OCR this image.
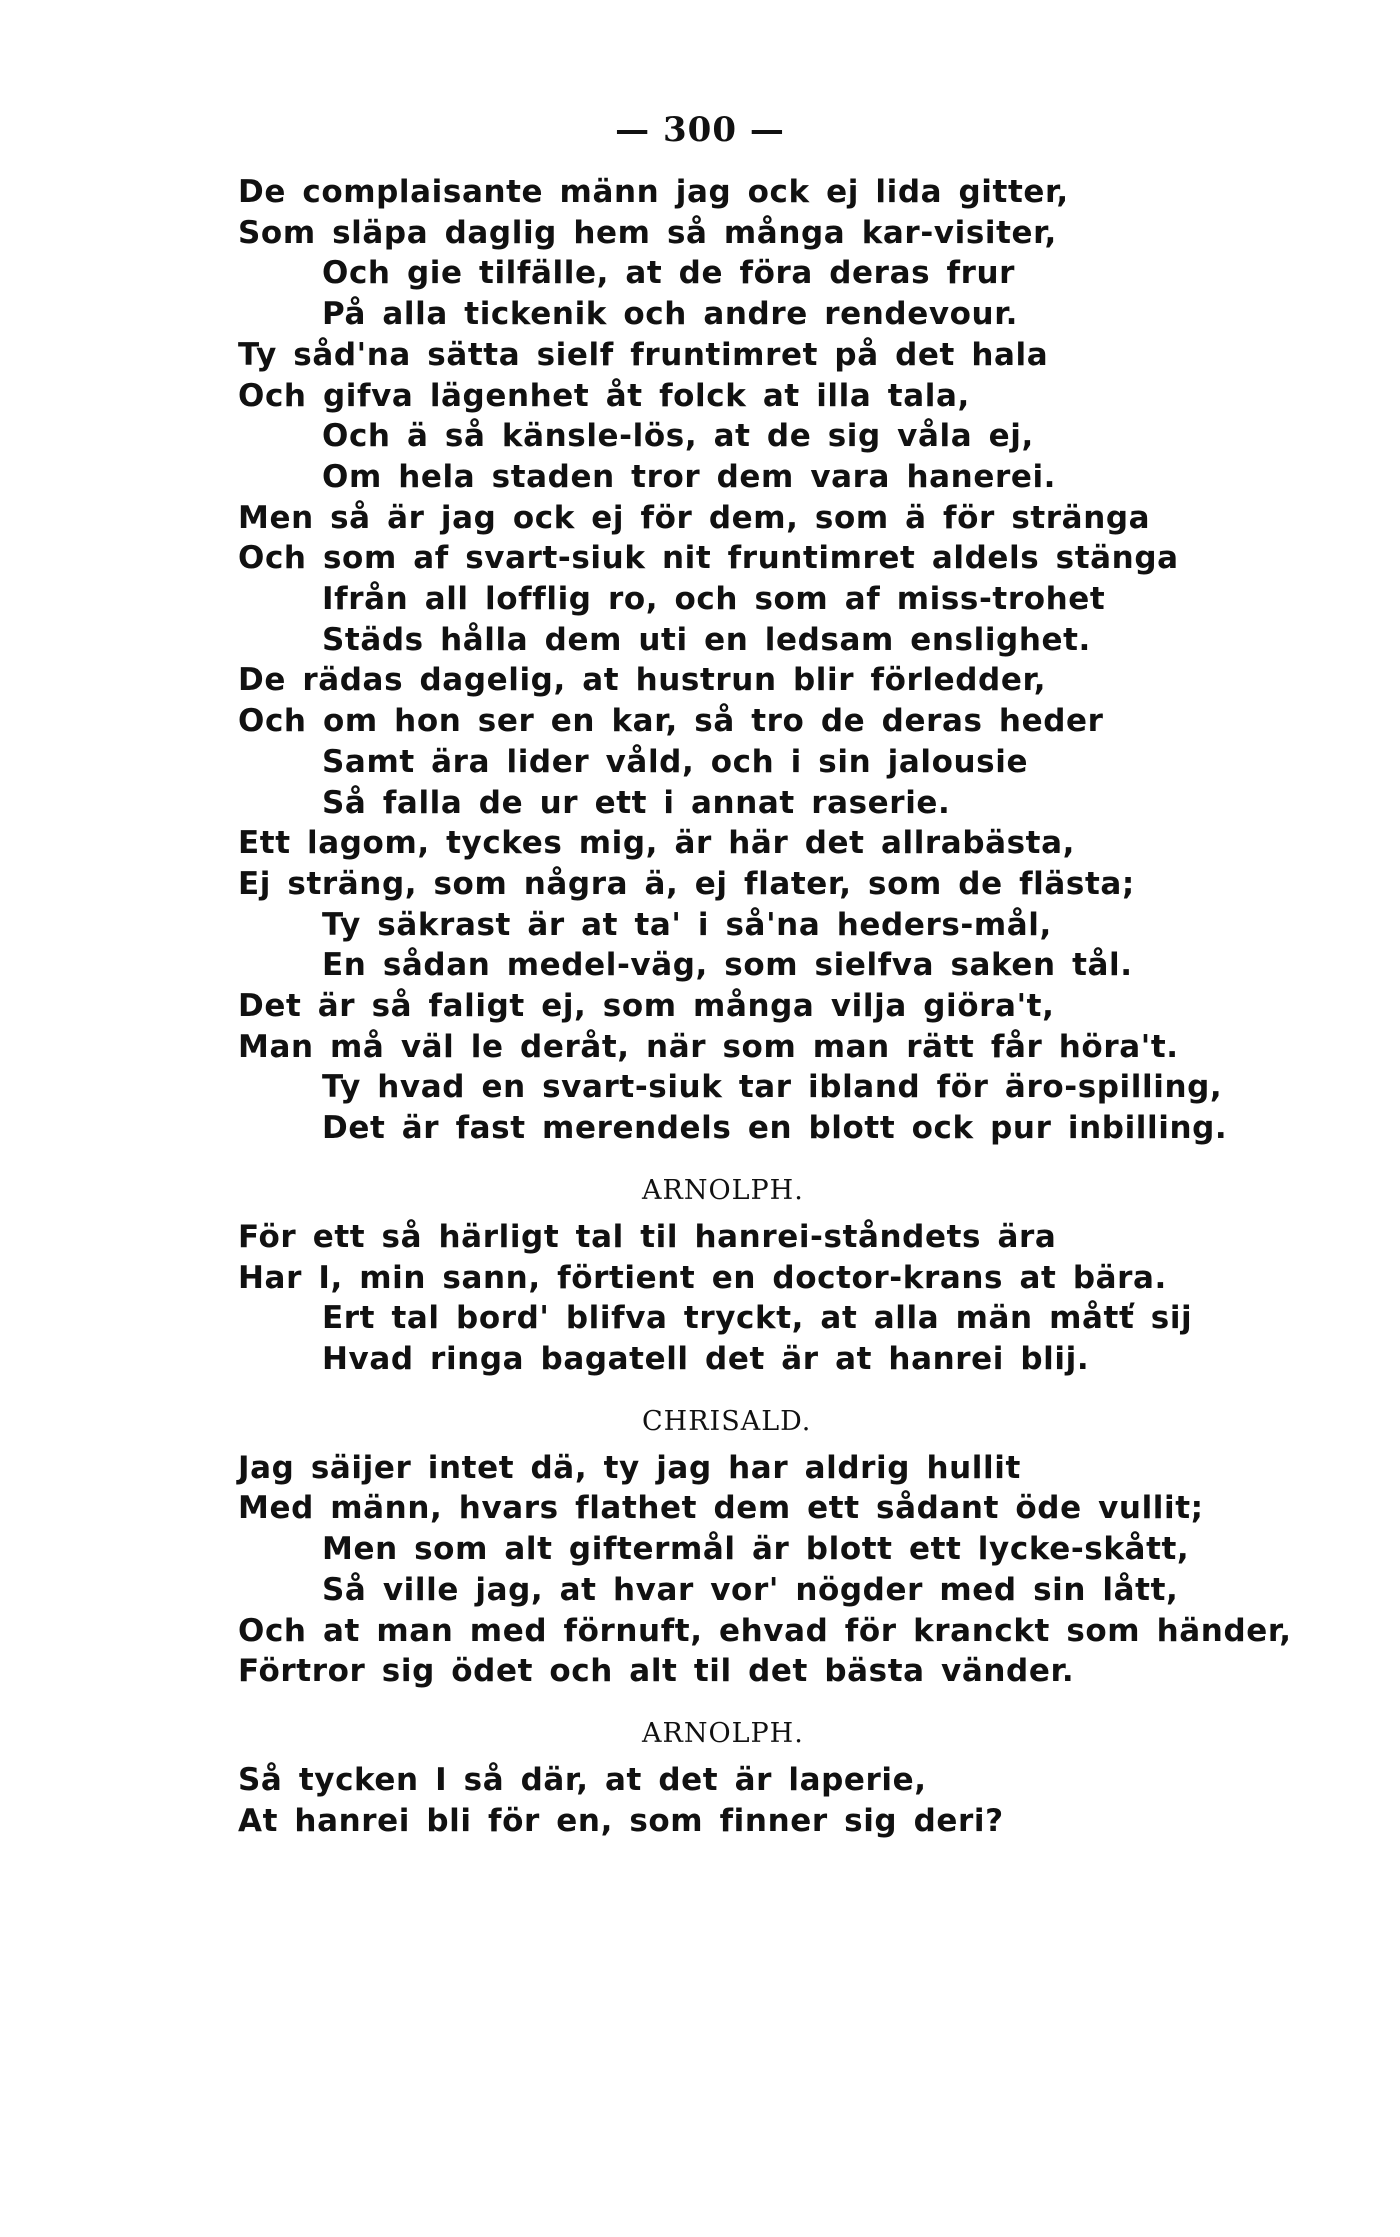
— 300 —
De complaisante männ jag ock ej lida gitter,
Som släpa daglig hem så många kar-visiter,
Och gie tilfälle, at de föra deras frur
På alla tickenik och andre rendevour.
Ty såd'na sätta sielf fruntimret på det hala
Och gifva lägenhet åt folck at illa tala,
Och ä så känsle-lös, at de sig våla ej,
Om hela staden tror dem vara hanerei.
Men så är jag ock ej för dem, som ä för stränga
Och som af svart-siuk nit fruntimret aldels stänga
Ifrån all lofflig ro, och som af miss-trohet
Städs hålla dem uti en ledsam enslighet.
De rädas dagelig, at hustrun blir förledder,
Och om hon ser en kar, så tro de deras heder
Samt ära lider våld, och i sin jalousie
Så falla de ur ett i annat raserie.
Ett lagom, tyckes mig, är här det allrabästa,
Ej sträng, som några ä, ej flater, som de flästa;
Ty säkrast är at ta' i så'na heders-mål,
En sådan medel-väg, som sielfva saken tål.
Det är så faligt ej, som många vilja giöra't,
Man må väl le deråt, när som man rätt får höra't.
Ty hvad en svart-siuk tar ibland för äro-spilling,
Det är fast merendels en blott ock pur inbilling.
ARNOLPH.
För ett så härligt tal til hanrei-ståndets ära
Har I, min sann, förtient en doctor-krans at bära.
Ert tal bord' blifva tryckt, at alla män måtť sij
Hvad ringa bagatell det är at hanrei blij.
CHRISALD.
Jag säijer intet dä, ty jag har aldrig hullit
Med männ, hvars flathet dem ett sådant öde vullit;
Men som alt giftermål är blott ett lycke-skått,
Så ville jag, at hvar vor' nögder med sin lått,
Och at man med förnuft, ehvad för kranckt som händer,
Förtror sig ödet och alt til det bästa vänder.
ARNOLPH.
Så tycken I så där, at det är laperie,
At hanrei bli för en, som finner sig deri?
